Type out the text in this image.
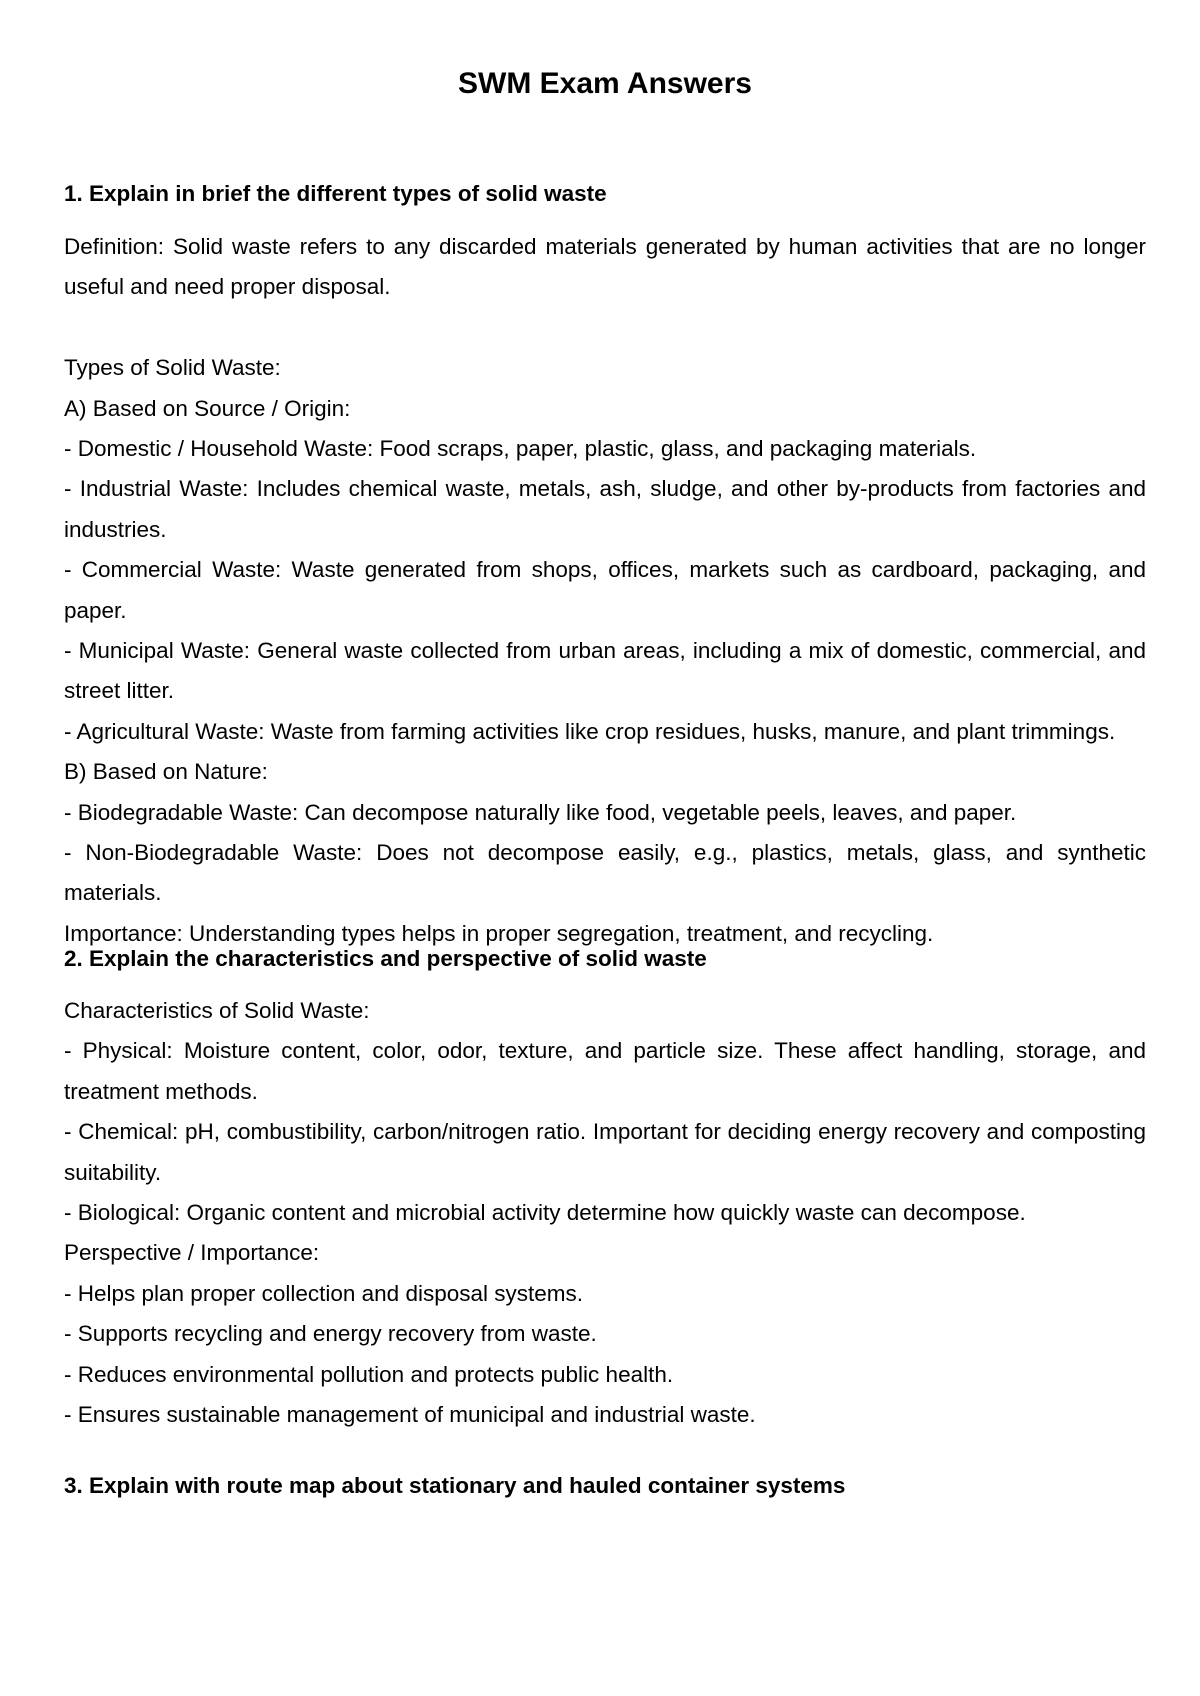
SWM Exam Answers
1. Explain in brief the different types of solid waste

Definition: Solid waste refers to any discarded materials generated by human activities that are no longer useful and need proper disposal.

Types of Solid Waste:

A) Based on Source / Origin:

- Domestic / Household Waste: Food scraps, paper, plastic, glass, and packaging materials.

- Industrial Waste: Includes chemical waste, metals, ash, sludge, and other by-products from factories and industries.

- Commercial Waste: Waste generated from shops, offices, markets such as cardboard, packaging, and paper.

- Municipal Waste: General waste collected from urban areas, including a mix of domestic, commercial, and street litter.

- Agricultural Waste: Waste from farming activities like crop residues, husks, manure, and plant trimmings.

B) Based on Nature:

- Biodegradable Waste: Can decompose naturally like food, vegetable peels, leaves, and paper.

- Non-Biodegradable Waste: Does not decompose easily, e.g., plastics, metals, glass, and synthetic materials.

Importance: Understanding types helps in proper segregation, treatment, and recycling.

2. Explain the characteristics and perspective of solid waste

Characteristics of Solid Waste:

- Physical: Moisture content, color, odor, texture, and particle size. These affect handling, storage, and treatment methods.

- Chemical: pH, combustibility, carbon/nitrogen ratio. Important for deciding energy recovery and composting suitability.

- Biological: Organic content and microbial activity determine how quickly waste can decompose.

Perspective / Importance:

- Helps plan proper collection and disposal systems.

- Supports recycling and energy recovery from waste.

- Reduces environmental pollution and protects public health.

- Ensures sustainable management of municipal and industrial waste.

3. Explain with route map about stationary and hauled container systems
